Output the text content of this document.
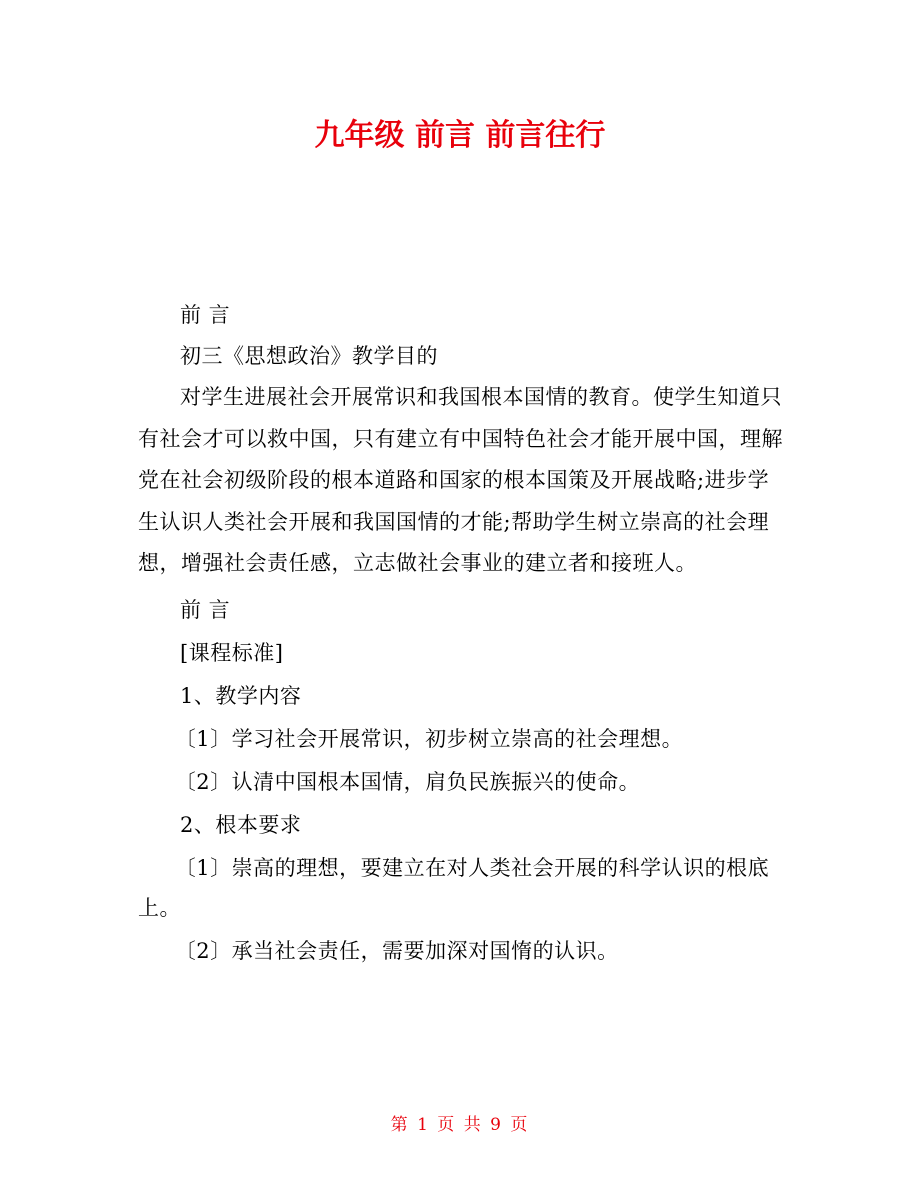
九年级 前言 前言往行

前 言

初三《思想政治》教学目的

对学生进展社会开展常识和我国根本国情的教育。使学生知道只有社会才可以救中国，只有建立有中国特色社会才能开展中国，理解党在社会初级阶段的根本道路和国家的根本国策及开展战略;进步学生认识人类社会开展和我国国情的才能;帮助学生树立崇高的社会理想，增强社会责任感，立志做社会事业的建立者和接班人。

前 言

[课程标准]

1、教学内容

〔1〕学习社会开展常识，初步树立崇高的社会理想。

〔2〕认清中国根本国情，肩负民族振兴的使命。

2、根本要求

〔1〕崇高的理想，要建立在对人类社会开展的科学认识的根底上。

〔2〕承当社会责任，需要加深对国惰的认识。

第 1 页 共 9 页
